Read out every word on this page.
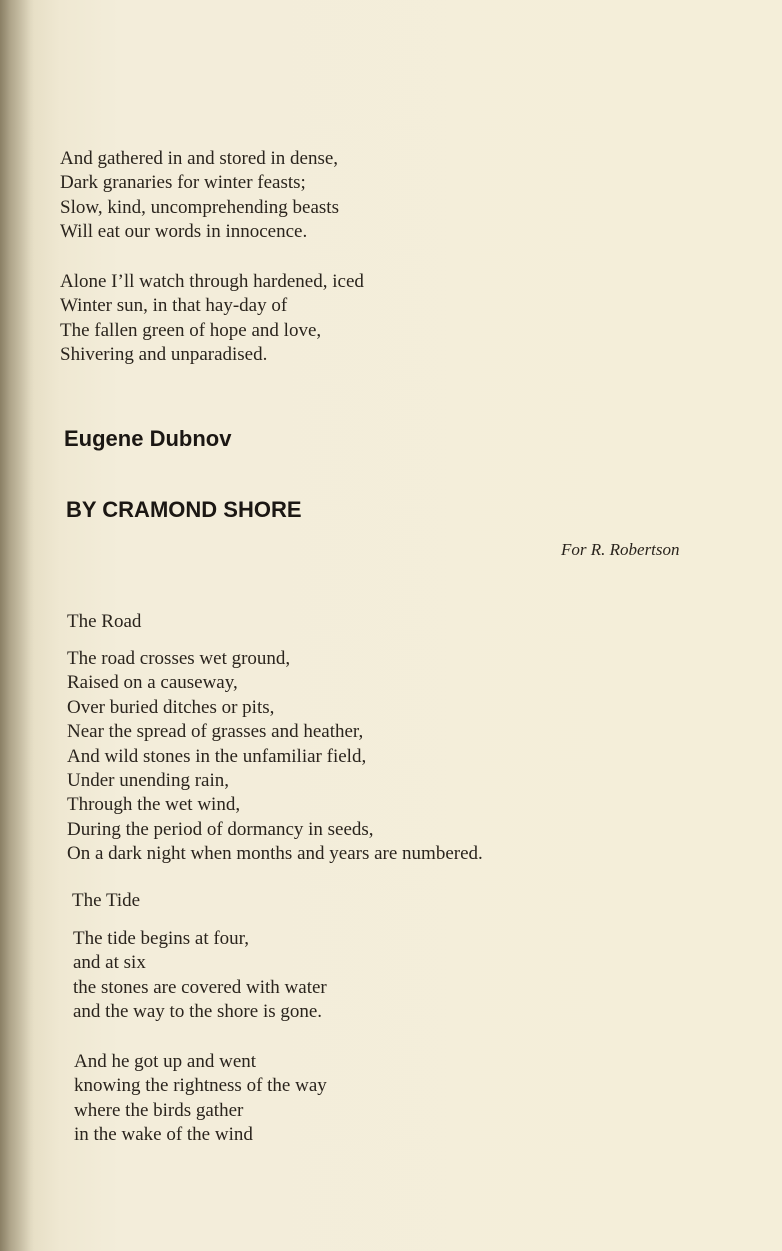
And gathered in and stored in dense,
Dark granaries for winter feasts;
Slow, kind, uncomprehending beasts
Will eat our words in innocence.
Alone I’ll watch through hardened, iced
Winter sun, in that hay-day of
The fallen green of hope and love,
Shivering and unparadised.
Eugene Dubnov
BY CRAMOND SHORE
For R. Robertson
The Road
The road crosses wet ground,
Raised on a causeway,
Over buried ditches or pits,
Near the spread of grasses and heather,
And wild stones in the unfamiliar field,
Under unending rain,
Through the wet wind,
During the period of dormancy in seeds,
On a dark night when months and years are numbered.
The Tide
The tide begins at four,
and at six
the stones are covered with water
and the way to the shore is gone.
And he got up and went
knowing the rightness of the way
where the birds gather
in the wake of the wind
